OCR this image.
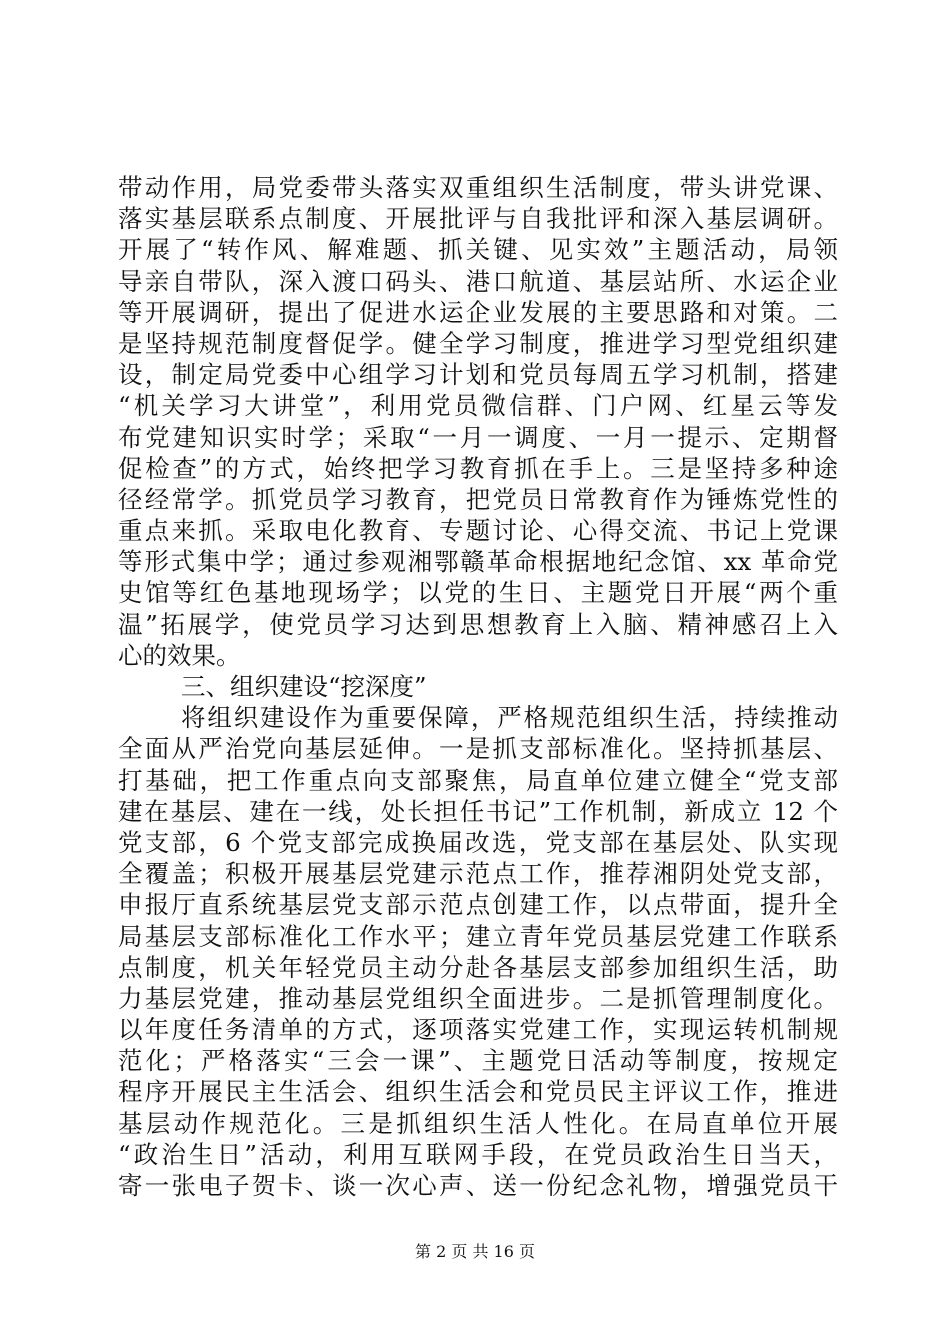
带动作用，局党委带头落实双重组织生活制度，带头讲党课、
落实基层联系点制度、开展批评与自我批评和深入基层调研。
开展了“转作风、解难题、抓关键、见实效”主题活动，局领
导亲自带队，深入渡口码头、港口航道、基层站所、水运企业
等开展调研，提出了促进水运企业发展的主要思路和对策。二
是坚持规范制度督促学。健全学习制度，推进学习型党组织建
设，制定局党委中心组学习计划和党员每周五学习机制，搭建
“机关学习大讲堂”，利用党员微信群、门户网、红星云等发
布党建知识实时学；采取“一月一调度、一月一提示、定期督
促检查”的方式，始终把学习教育抓在手上。三是坚持多种途
径经常学。抓党员学习教育，把党员日常教育作为锤炼党性的
重点来抓。采取电化教育、专题讨论、心得交流、书记上党课
等形式集中学；通过参观湘鄂赣革命根据地纪念馆、xx 革命党
史馆等红色基地现场学；以党的生日、主题党日开展“两个重
温”拓展学，使党员学习达到思想教育上入脑、精神感召上入
心的效果。
三、组织建设“挖深度”
将组织建设作为重要保障，严格规范组织生活，持续推动
全面从严治党向基层延伸。一是抓支部标准化。坚持抓基层、
打基础，把工作重点向支部聚焦，局直单位建立健全“党支部
建在基层、建在一线，处长担任书记”工作机制，新成立 12 个
党支部，6 个党支部完成换届改选，党支部在基层处、队实现
全覆盖；积极开展基层党建示范点工作，推荐湘阴处党支部，
申报厅直系统基层党支部示范点创建工作，以点带面，提升全
局基层支部标准化工作水平；建立青年党员基层党建工作联系
点制度，机关年轻党员主动分赴各基层支部参加组织生活，助
力基层党建，推动基层党组织全面进步。二是抓管理制度化。
以年度任务清单的方式，逐项落实党建工作，实现运转机制规
范化；严格落实“三会一课”、主题党日活动等制度，按规定
程序开展民主生活会、组织生活会和党员民主评议工作，推进
基层动作规范化。三是抓组织生活人性化。在局直单位开展
“政治生日”活动，利用互联网手段，在党员政治生日当天，
寄一张电子贺卡、谈一次心声、送一份纪念礼物，增强党员干
第 2 页 共 16 页
